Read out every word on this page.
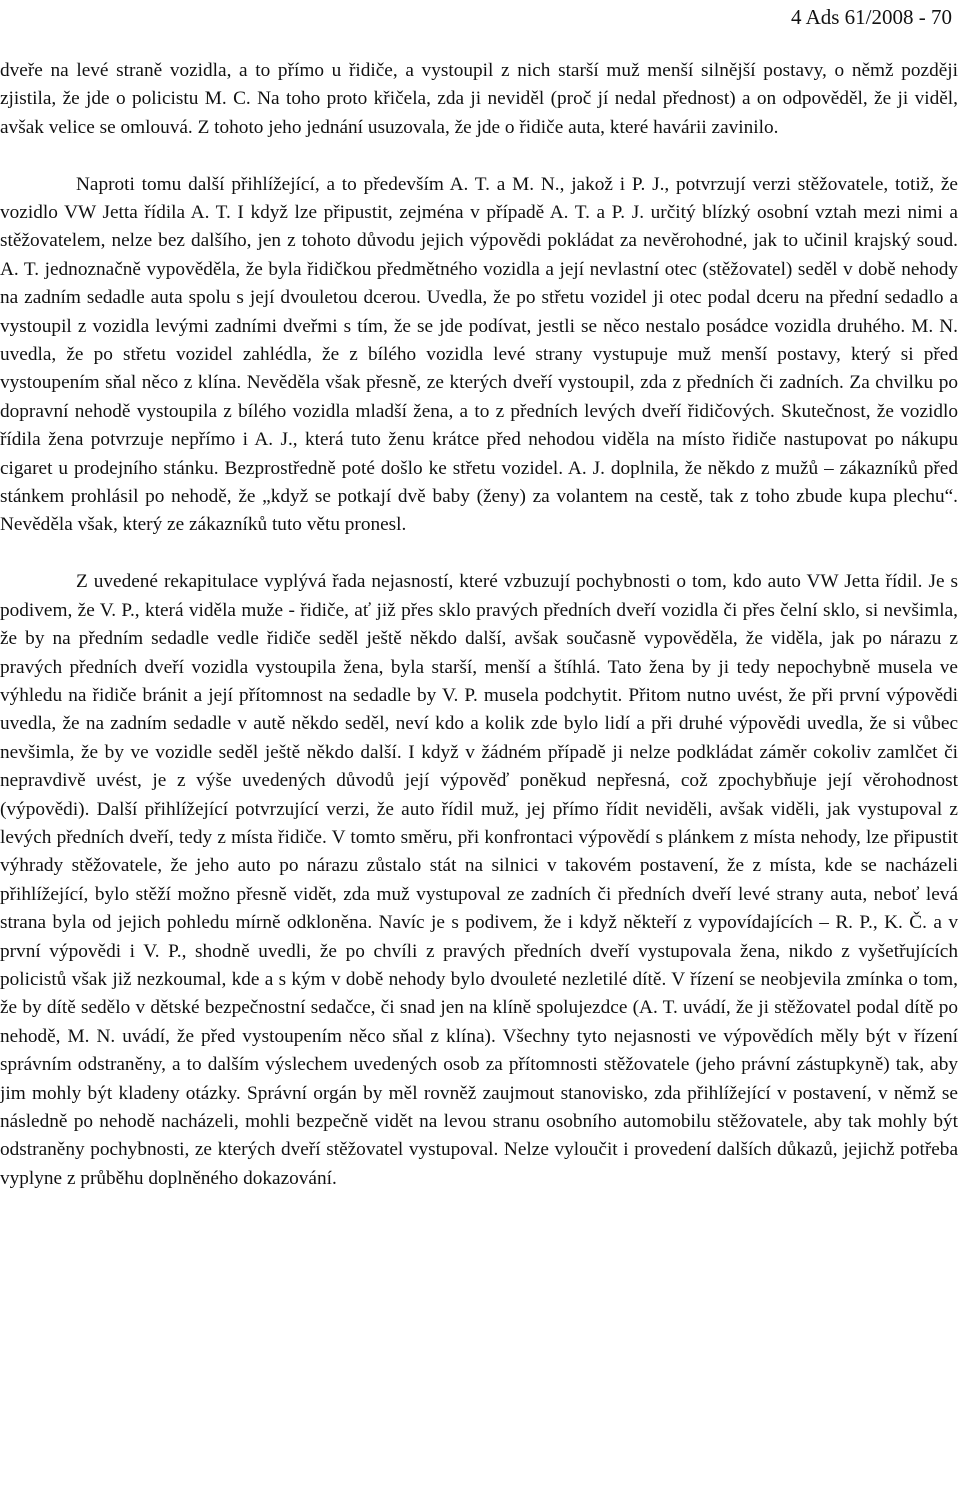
4 Ads 61/2008 - 70

dveře na levé straně vozidla, a to přímo u řidiče, a vystoupil z nich starší muž menší silnější postavy, o němž později zjistila, že jde o policistu M. C. Na toho proto křičela, zda ji neviděl (proč jí nedal přednost) a on odpověděl, že ji viděl, avšak velice se omlouvá. Z tohoto jeho jednání usuzovala, že jde o řidiče auta, které havárii zavinilo.

Naproti tomu další přihlížející, a to především A. T. a M. N., jakož i P. J., potvrzují verzi stěžovatele, totiž, že vozidlo VW Jetta řídila A. T. I když lze připustit, zejména v případě A. T. a P. J. určitý blízký osobní vztah mezi nimi a stěžovatelem, nelze bez dalšího, jen z tohoto důvodu jejich výpovědi pokládat za nevěrohodné, jak to učinil krajský soud. A. T. jednoznačně vypověděla, že byla řidičkou předmětného vozidla a její nevlastní otec (stěžovatel) seděl v době nehody na zadním sedadle auta spolu s její dvouletou dcerou. Uvedla, že po střetu vozidel ji otec podal dceru na přední sedadlo a vystoupil z vozidla levými zadními dveřmi s tím, že se jde podívat, jestli se něco nestalo posádce vozidla druhého. M. N. uvedla, že po střetu vozidel zahlédla, že z bílého vozidla levé strany vystupuje muž menší postavy, který si před vystoupením sňal něco z klína. Nevěděla však přesně, ze kterých dveří vystoupil, zda z předních či zadních. Za chvilku po dopravní nehodě vystoupila z bílého vozidla mladší žena, a to z předních levých dveří řidičových. Skutečnost, že vozidlo řídila žena potvrzuje nepřímo i A. J., která tuto ženu krátce před nehodou viděla na místo řidiče nastupovat po nákupu cigaret u prodejního stánku. Bezprostředně poté došlo ke střetu vozidel. A. J. doplnila, že někdo z mužů – zákazníků před stánkem prohlásil po nehodě, že „když se potkají dvě baby (ženy) za volantem na cestě, tak z toho zbude kupa plechu“. Nevěděla však, který ze zákazníků tuto větu pronesl.

Z uvedené rekapitulace vyplývá řada nejasností, které vzbuzují pochybnosti o tom, kdo auto VW Jetta řídil. Je s podivem, že V. P., která viděla muže - řidiče, ať již přes sklo pravých předních dveří vozidla či přes čelní sklo, si nevšimla, že by na předním sedadle vedle řidiče seděl ještě někdo další, avšak současně vypověděla, že viděla, jak po nárazu z pravých předních dveří vozidla vystoupila žena, byla starší, menší a štíhlá. Tato žena by ji tedy nepochybně musela ve výhledu na řidiče bránit a její přítomnost na sedadle by V. P. musela podchytit. Přitom nutno uvést, že při první výpovědi uvedla, že na zadním sedadle v autě někdo seděl, neví kdo a kolik zde bylo lidí a při druhé výpovědi uvedla, že si vůbec nevšimla, že by ve vozidle seděl ještě někdo další. I když v žádném případě ji nelze podkládat záměr cokoliv zamlčet či nepravdivě uvést, je z výše uvedených důvodů její výpověď poněkud nepřesná, což zpochybňuje její věrohodnost (výpovědi). Další přihlížející potvrzující verzi, že auto řídil muž, jej přímo řídit neviděli, avšak viděli, jak vystupoval z levých předních dveří, tedy z místa řidiče. V tomto směru, při konfrontaci výpovědí s plánkem z místa nehody, lze připustit výhrady stěžovatele, že jeho auto po nárazu zůstalo stát na silnici v takovém postavení, že z místa, kde se nacházeli přihlížející, bylo stěží možno přesně vidět, zda muž vystupoval ze zadních či předních dveří levé strany auta, neboť levá strana byla od jejich pohledu mírně odkloněna. Navíc je s podivem, že i když někteří z vypovídajících – R. P., K. Č. a v první výpovědi i V. P., shodně uvedli, že po chvíli z pravých předních dveří vystupovala žena, nikdo z vyšetřujících policistů však již nezkoumal, kde a s kým v době nehody bylo dvouleté nezletilé dítě. V řízení se neobjevila zmínka o tom, že by dítě sedělo v dětské bezpečnostní sedačce, či snad jen na klíně spolujezdce (A. T. uvádí, že ji stěžovatel podal dítě po nehodě, M. N. uvádí, že před vystoupením něco sňal z klína). Všechny tyto nejasnosti ve výpovědích měly být v řízení správním odstraněny, a to dalším výslechem uvedených osob za přítomnosti stěžovatele (jeho právní zástupkyně) tak, aby jim mohly být kladeny otázky. Správní orgán by měl rovněž zaujmout stanovisko, zda přihlížející v postavení, v němž se následně po nehodě nacházeli, mohli bezpečně vidět na levou stranu osobního automobilu stěžovatele, aby tak mohly být odstraněny pochybnosti, ze kterých dveří stěžovatel vystupoval. Nelze vyloučit i provedení dalších důkazů, jejichž potřeba vyplyne z průběhu doplněného dokazování.
